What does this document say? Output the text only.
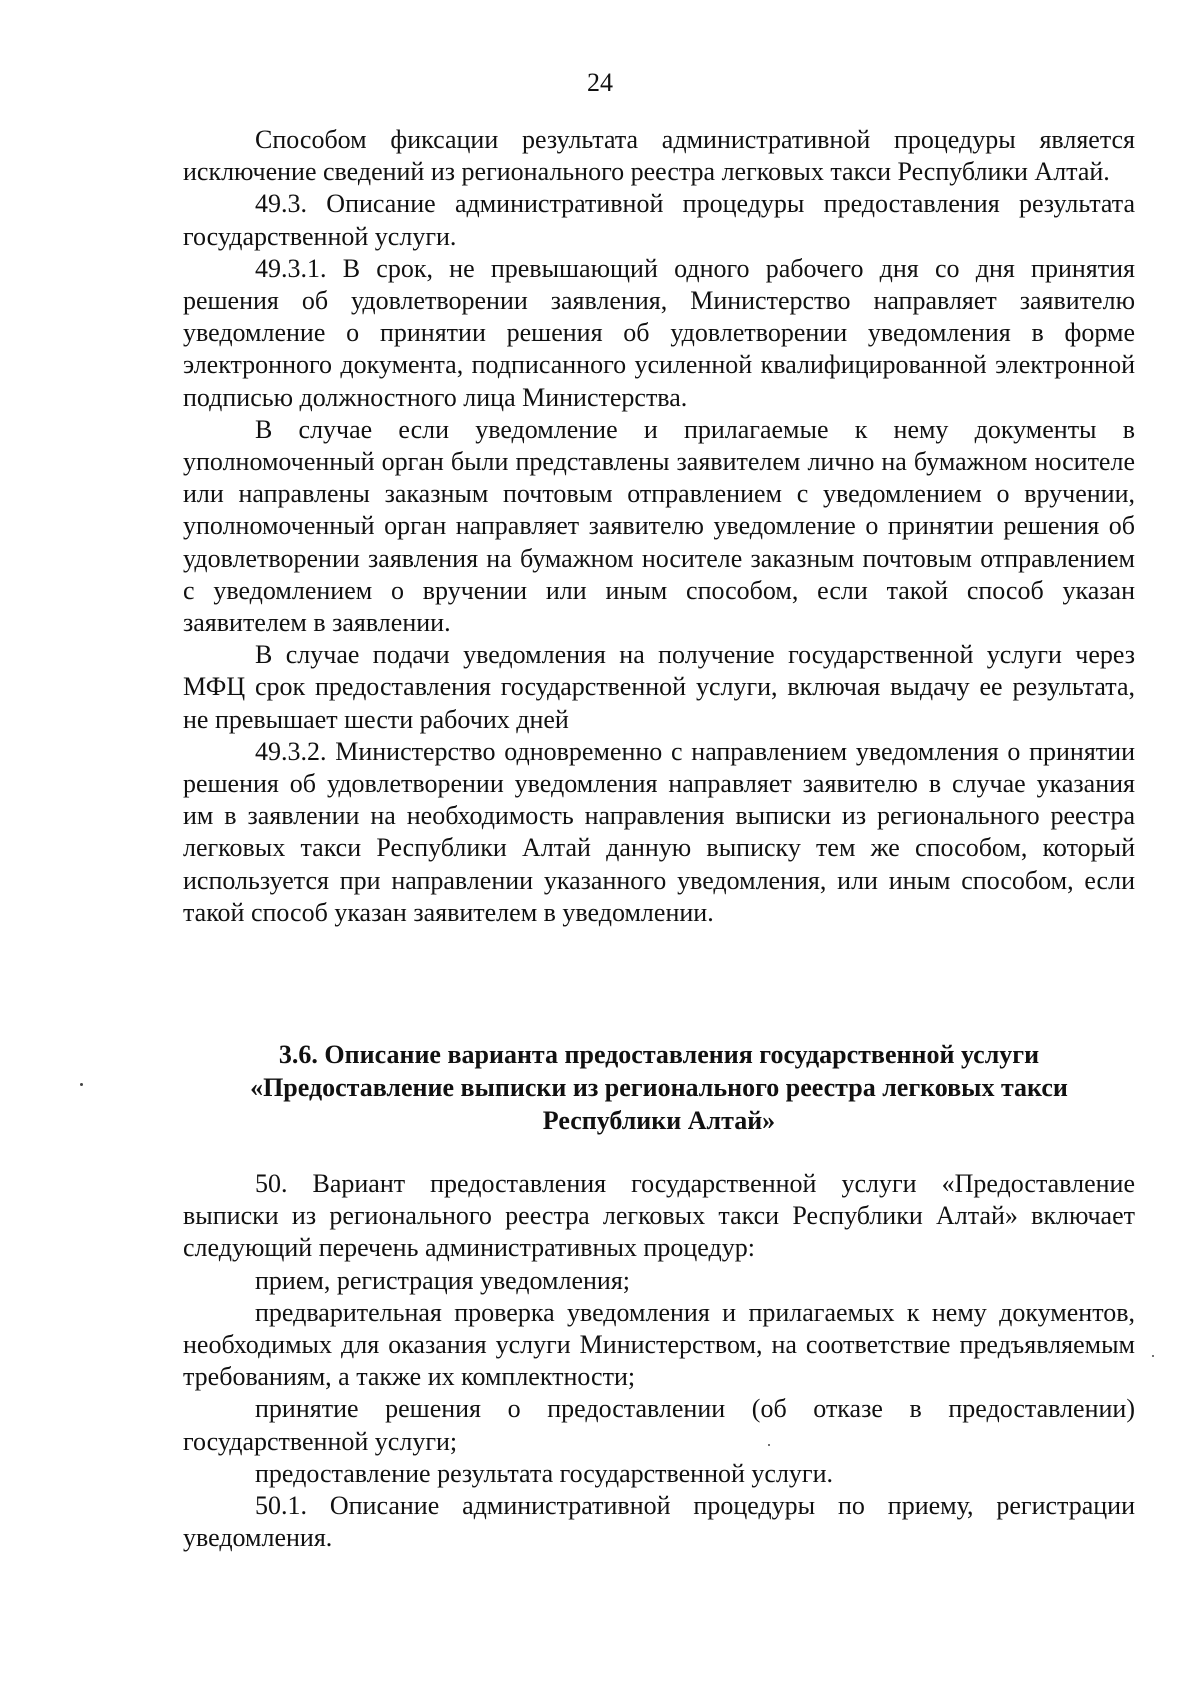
24

Способом фиксации результата административной процедуры является исключение сведений из регионального реестра легковых такси Республики Алтай.

49.3. Описание административной процедуры предоставления результата государственной услуги.

49.3.1. В срок, не превышающий одного рабочего дня со дня принятия решения об удовлетворении заявления, Министерство направляет заявителю уведомление о принятии решения об удовлетворении уведомления в форме электронного документа, подписанного усиленной квалифицированной электронной подписью должностного лица Министерства.

В случае если уведомление и прилагаемые к нему документы в уполномоченный орган были представлены заявителем лично на бумажном носителе или направлены заказным почтовым отправлением с уведомлением о вручении, уполномоченный орган направляет заявителю уведомление о принятии решения об удовлетворении заявления на бумажном носителе заказным почтовым отправлением с уведомлением о вручении или иным способом, если такой способ указан заявителем в заявлении.

В случае подачи уведомления на получение государственной услуги через МФЦ срок предоставления государственной услуги, включая выдачу ее результата, не превышает шести рабочих дней

49.3.2. Министерство одновременно с направлением уведомления о принятии решения об удовлетворении уведомления направляет заявителю в случае указания им в заявлении на необходимость направления выписки из регионального реестра легковых такси Республики Алтай данную выписку тем же способом, который используется при направлении указанного уведомления, или иным способом, если такой способ указан заявителем в уведомлении.

3.6. Описание варианта предоставления государственной услуги
«Предоставление выписки из регионального реестра легковых такси
Республики Алтай»

50. Вариант предоставления государственной услуги «Предоставление выписки из регионального реестра легковых такси Республики Алтай» включает следующий перечень административных процедур:

прием, регистрация уведомления;

предварительная проверка уведомления и прилагаемых к нему документов, необходимых для оказания услуги Министерством, на соответствие предъявляемым требованиям, а также их комплектности;

принятие решения о предоставлении (об отказе в предоставлении) государственной услуги;

предоставление результата государственной услуги.

50.1. Описание административной процедуры по приему, регистрации уведомления.
